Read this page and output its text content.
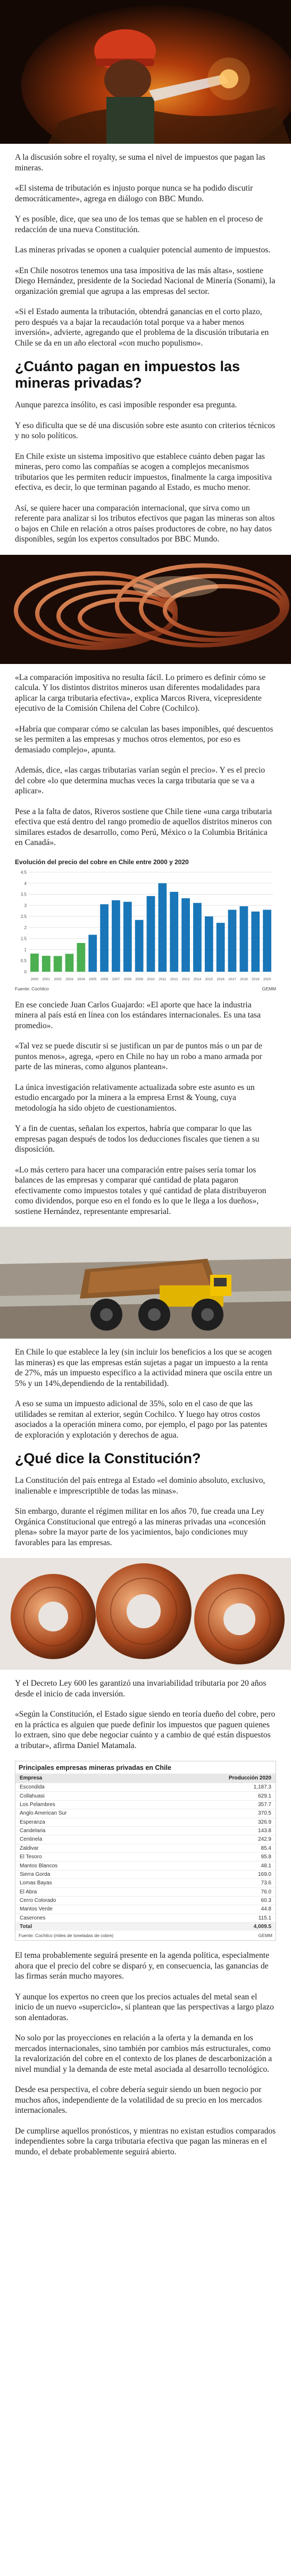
A la discusión sobre el royalty, se suma el nivel de impuestos que pagan las mineras.

«El sistema de tributación es injusto porque nunca se ha podido discutir democráticamente», agrega en diálogo con BBC Mundo.

Y es posible, dice, que sea uno de los temas que se hablen en el proceso de redacción de una nueva Constitución.

Las mineras privadas se oponen a cualquier potencial aumento de impuestos.

«En Chile nosotros tenemos una tasa impositiva de las más altas», sostiene Diego Hernández, presidente de la Sociedad Nacional de Minería (Sonami), la organización gremial que agrupa a las empresas del sector.

«Si el Estado aumenta la tributación, obtendrá ganancias en el corto plazo, pero después va a bajar la recaudación total porque va a haber menos inversión», advierte, agregando que el problema de la discusión tributaria en Chile se da en un año electoral «con mucho populismo».

¿Cuánto pagan en impuestos las mineras privadas?

Aunque parezca insólito, es casi imposible responder esa pregunta.

Y eso dificulta que se dé una discusión sobre este asunto con criterios técnicos y no solo políticos.

En Chile existe un sistema impositivo que establece cuánto deben pagar las mineras, pero como las compañías se acogen a complejos mecanismos tributarios que les permiten reducir impuestos, finalmente la carga impositiva efectiva, es decir, lo que terminan pagando al Estado, es mucho menor.

Así, se quiere hacer una comparación internacional, que sirva como un referente para analizar si los tributos efectivos que pagan las mineras son altos o bajos en Chile en relación a otros países productores de cobre, no hay datos disponibles, según los expertos consultados por BBC Mundo.

«La comparación impositiva no resulta fácil. Lo primero es definir cómo se calcula. Y los distintos distritos mineros usan diferentes modalidades para aplicar la carga tributaria efectiva», explica Marcos Rivera, vicepresidente ejecutivo de la Comisión Chilena del Cobre (Cochilco).

«Habría que comparar cómo se calculan las bases imponibles, qué descuentos se les permiten a las empresas y muchos otros elementos, por eso es demasiado complejo», apunta.

Además, dice, «las cargas tributarias varían según el precio». Y es el precio del cobre «lo que determina muchas veces la carga tributaria que se va a aplicar».

Pese a la falta de datos, Riveros sostiene que Chile tiene «una carga tributaria efectiva que está dentro del rango promedio de aquellos distritos mineros con similares estados de desarrollo, como Perú, México o la Columbia Británica en Canadá».

Evolución del precio del cobre en Chile entre 2000 y 2020
4.5
4
3.5
3
2.5
2
1.5
1
0.5
0
2000 2001 2002 2003 2004 2005 2006 2007 2008 2009 2010 2011 2012 2013 2014 2015 2016 2017 2018 2019 2020
Fuente: Cochilco	GEMM

En ese conciede Juan Carlos Guajardo: «El aporte que hace la industria minera al país está en línea con los estándares internacionales. Es una tasa promedio».

«Tal vez se puede discutir si se justifican un par de puntos más o un par de puntos menos», agrega, «pero en Chile no hay un robo a mano armada por parte de las mineras, como algunos plantean».

La única investigación relativamente actualizada sobre este asunto es un estudio encargado por la minera a la empresa Ernst & Young, cuya metodología ha sido objeto de cuestionamientos.

Y a fin de cuentas, señalan los expertos, habría que comparar lo que las empresas pagan después de todos los deducciones fiscales que tienen a su disposición.

«Lo más certero para hacer una comparación entre países sería tomar los balances de las empresas y comparar qué cantidad de plata pagaron efectivamente como impuestos totales y qué cantidad de plata distribuyeron como dividendos, porque eso en el fondo es lo que le llega a los dueños», sostiene Hernández, representante empresarial.

En Chile lo que establece la ley (sin incluir los beneficios a los que se acogen las mineras) es que las empresas están sujetas a pagar un impuesto a la renta de 27%, más un impuesto específico a la actividad minera que oscila entre un 5% y un 14%,dependiendo de la rentabilidad).

A eso se suma un impuesto adicional de 35%, solo en el caso de que las utilidades se remitan al exterior, según Cochilco. Y luego hay otros costos asociados a la operación minera como, por ejemplo, el pago por las patentes de exploración y explotación y derechos de agua.

¿Qué dice la Constitución?

La Constitución del país entrega al Estado «el dominio absoluto, exclusivo, inalienable e imprescriptible de todas las minas».

Sin embargo, durante el régimen militar en los años 70, fue creada una Ley Orgánica Constitucional que entregó a las mineras privadas una «concesión plena» sobre la mayor parte de los yacimientos, bajo condiciones muy favorables para las empresas.

Y el Decreto Ley 600 les garantizó una invariabilidad tributaria por 20 años desde el inicio de cada inversión.

«Según la Constitución, el Estado sigue siendo en teoría dueño del cobre, pero en la práctica es alguien que puede definir los impuestos que paguen quienes lo extraen, sino que debe negociar cuánto y a cambio de qué están dispuestos a tributar», afirma Daniel Matamala.

Principales empresas mineras privadas en Chile
Empresa	Producción 2020
Escondida	1,187.3
Collahuasi	629.1
Los Pelambres	357.7
Anglo American Sur	370.5
Esperanza	326.9
Candelaria	143.8
Centinela	242.9
Zaldivar	85.4
El Tesoro	95.8
Mantos Blancos	48.1
Sierra Gorda	169.0
Lomas Bayas	73.6
El Abra	76.0
Cerro Colorado	60.3
Mantos Verde	44.8
Caserones	115.1
Total	4,009.5
Fuente: Cochilco (miles de toneladas de cobre)	GEMM

El tema probablemente seguirá presente en la agenda política, especialmente ahora que el precio del cobre se disparó y, en consecuencia, las ganancias de las firmas serán mucho mayores.

Y aunque los expertos no creen que los precios actuales del metal sean el inicio de un nuevo «superciclo», sí plantean que las perspectivas a largo plazo son alentadoras.

No solo por las proyecciones en relación a la oferta y la demanda en los mercados internacionales, sino también por cambios más estructurales, como la revalorización del cobre en el contexto de los planes de descarbonización a nivel mundial y la demanda de este metal asociada al desarrollo tecnológico.

Desde esa perspectiva, el cobre debería seguir siendo un buen negocio por muchos años, independiente de la volatilidad de su precio en los mercados internacionales.

De cumplirse aquellos pronósticos, y mientras no existan estudios comparados independientes sobre la carga tributaria efectiva que pagan las mineras en el mundo, el debate probablemente seguirá abierto.
